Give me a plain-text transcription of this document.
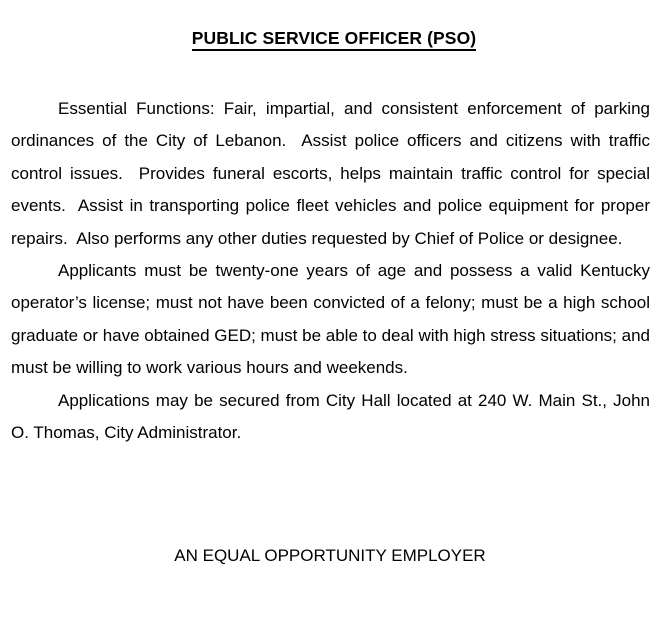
PUBLIC SERVICE OFFICER (PSO)

Essential Functions: Fair, impartial, and consistent enforcement of parking ordinances of the City of Lebanon.  Assist police officers and citizens with traffic control issues.  Provides funeral escorts, helps maintain traffic control for special events.  Assist in transporting police fleet vehicles and police equipment for proper repairs.  Also performs any other duties requested by Chief of Police or designee.

Applicants must be twenty-one years of age and possess a valid Kentucky operator’s license; must not have been convicted of a felony; must be a high school graduate or have obtained GED; must be able to deal with high stress situations; and must be willing to work various hours and weekends.

Applications may be secured from City Hall located at 240 W. Main St., John O. Thomas, City Administrator.

AN EQUAL OPPORTUNITY EMPLOYER
